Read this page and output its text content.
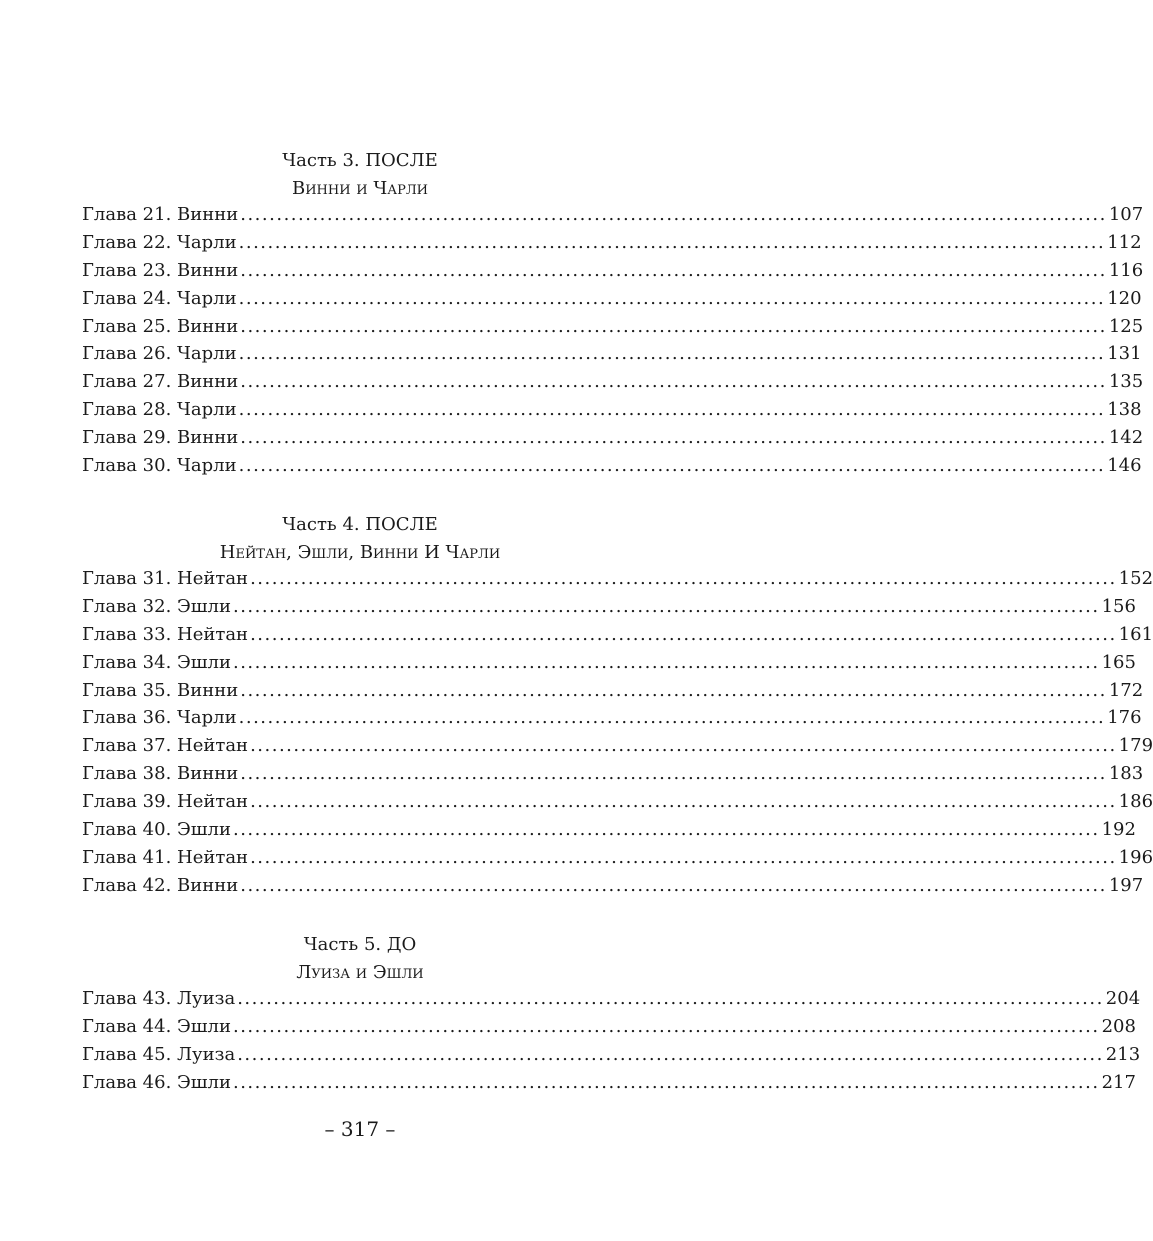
Часть 3. ПОСЛЕ
Винни и Чарли
Глава 21. Винни ........................................................................................................................ 107
Глава 22. Чарли ........................................................................................................................ 112
Глава 23. Винни ........................................................................................................................ 116
Глава 24. Чарли ........................................................................................................................ 120
Глава 25. Винни ........................................................................................................................ 125
Глава 26. Чарли ........................................................................................................................ 131
Глава 27. Винни ........................................................................................................................ 135
Глава 28. Чарли ........................................................................................................................ 138
Глава 29. Винни ........................................................................................................................ 142
Глава 30. Чарли ........................................................................................................................ 146
Часть 4. ПОСЛЕ
Нейтан, Эшли, Винни И Чарли
Глава 31. Нейтан ........................................................................................................................ 152
Глава 32. Эшли ........................................................................................................................ 156
Глава 33. Нейтан ........................................................................................................................ 161
Глава 34. Эшли ........................................................................................................................ 165
Глава 35. Винни ........................................................................................................................ 172
Глава 36. Чарли ........................................................................................................................ 176
Глава 37. Нейтан ........................................................................................................................ 179
Глава 38. Винни ........................................................................................................................ 183
Глава 39. Нейтан ........................................................................................................................ 186
Глава 40. Эшли ........................................................................................................................ 192
Глава 41. Нейтан ........................................................................................................................ 196
Глава 42. Винни ........................................................................................................................ 197
Часть 5. ДО
Луиза и Эшли
Глава 43. Луиза ........................................................................................................................ 204
Глава 44. Эшли ........................................................................................................................ 208
Глава 45. Луиза ........................................................................................................................ 213
Глава 46. Эшли ........................................................................................................................ 217
– 317 –
